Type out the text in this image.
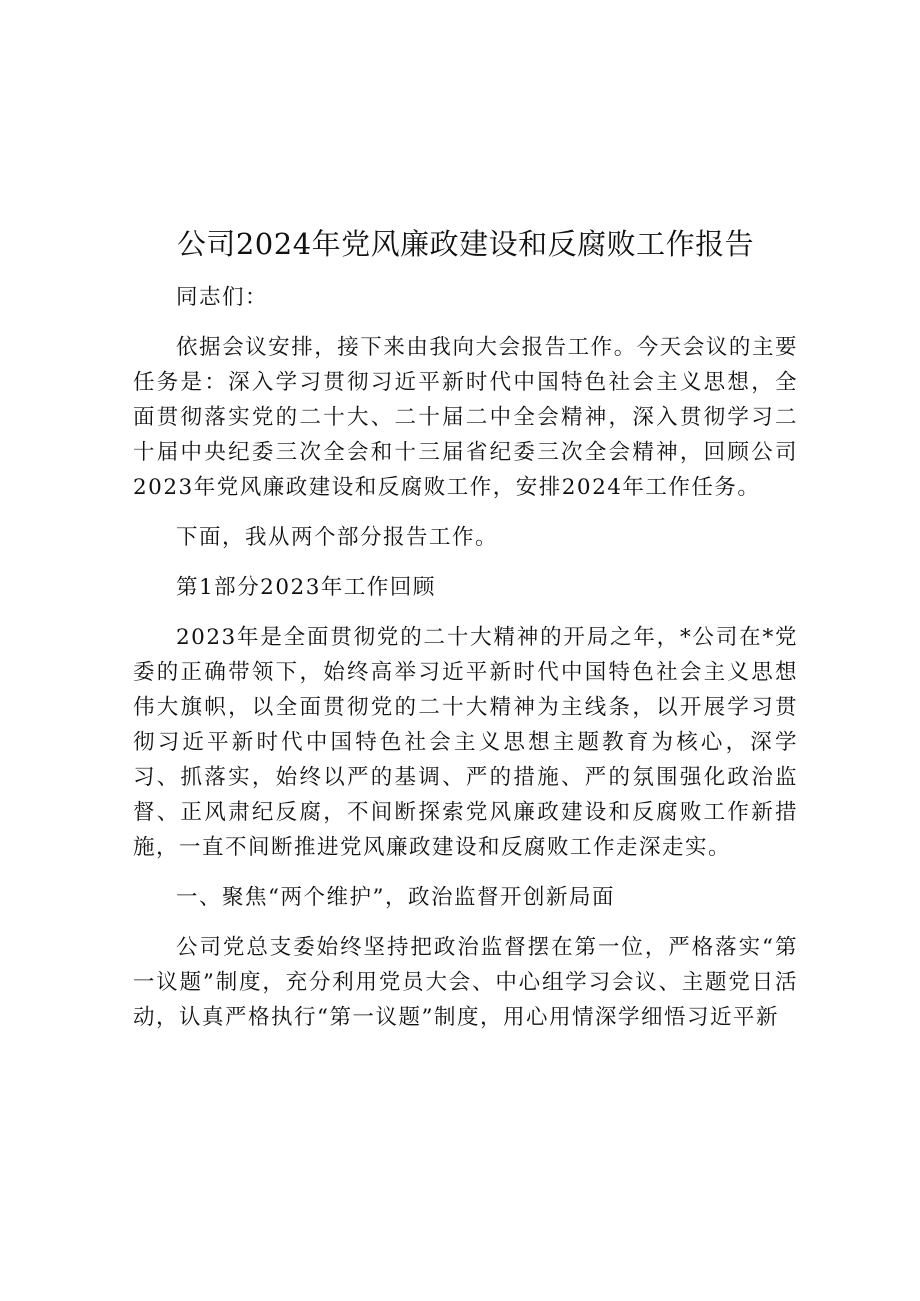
公司2024年党风廉政建设和反腐败工作报告

同志们：

依据会议安排，接下来由我向大会报告工作。今天会议的主要任务是：深入学习贯彻习近平新时代中国特色社会主义思想，全面贯彻落实党的二十大、二十届二中全会精神，深入贯彻学习二十届中央纪委三次全会和十三届省纪委三次全会精神，回顾公司2023年党风廉政建设和反腐败工作，安排2024年工作任务。

下面，我从两个部分报告工作。

第1部分2023年工作回顾

2023年是全面贯彻党的二十大精神的开局之年，*公司在*党委的正确带领下，始终高举习近平新时代中国特色社会主义思想伟大旗帜，以全面贯彻党的二十大精神为主线条，以开展学习贯彻习近平新时代中国特色社会主义思想主题教育为核心，深学习、抓落实，始终以严的基调、严的措施、严的氛围强化政治监督、正风肃纪反腐，不间断探索党风廉政建设和反腐败工作新措施，一直不间断推进党风廉政建设和反腐败工作走深走实。

一、聚焦“两个维护”，政治监督开创新局面

公司党总支委始终坚持把政治监督摆在第一位，严格落实“第一议题”制度，充分利用党员大会、中心组学习会议、主题党日活动，认真严格执行“第一议题”制度，用心用情深学细悟习近平新
